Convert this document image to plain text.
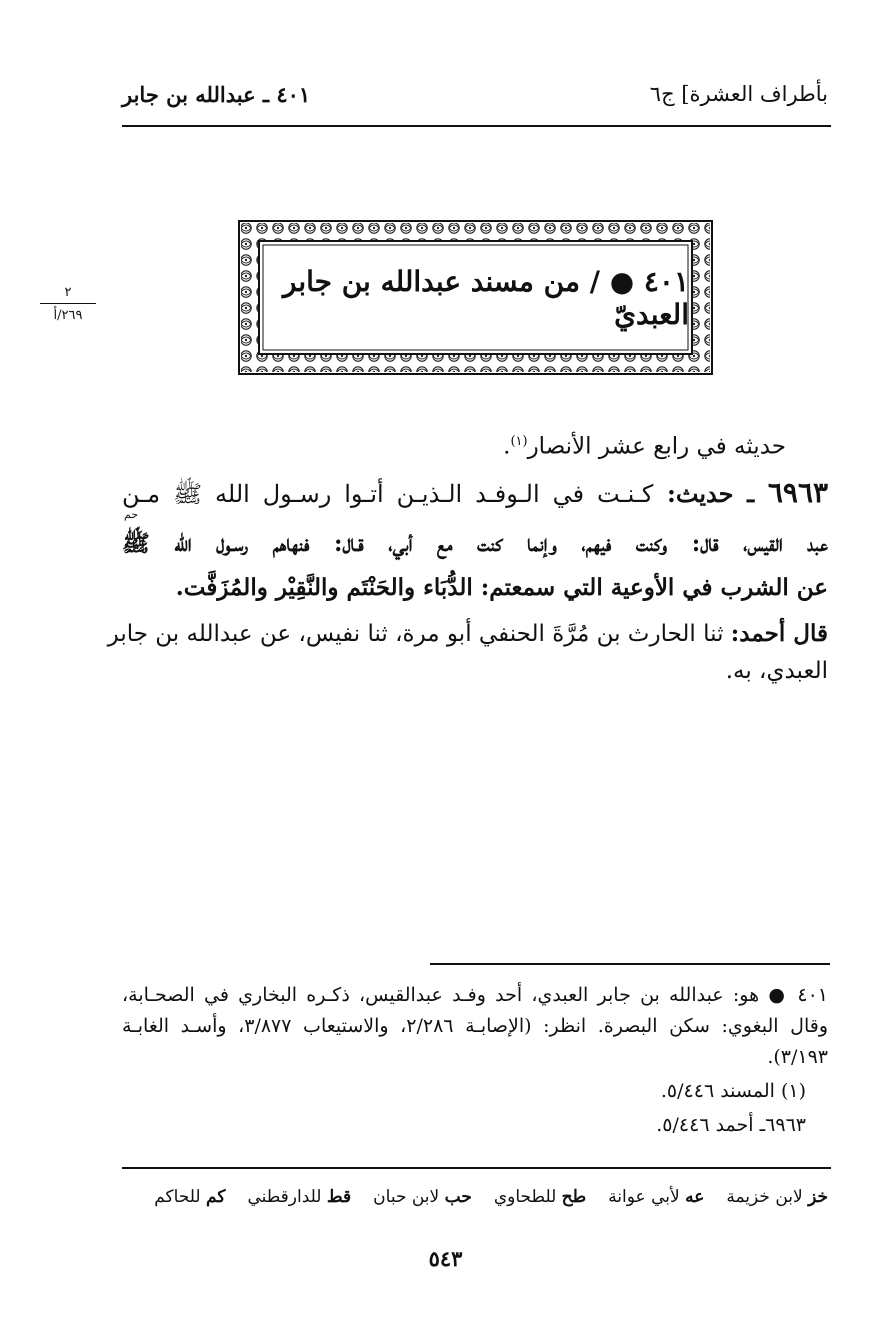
بأطراف العشرة] ج٦
٤٠١ ـ عبدالله بن جابر
٢
٢٦٩/أ
٤٠١ ● / من مسند عبدالله بن جابر العبديّ
حديثه في رابع عشر الأنصار$^{(١)}$.
٦٩٦٣ ـ حديث: كـنـت في الـوفـد الـذيـن أتـوا رسـول الله ﷺ مـن
حم
عبد القيس، قال: وكنت فيهم، وإنما كنت مع أبي، قـال: فنهاهم رسـول الله ﷺ
عن الشرب في الأوعية التي سمعتم: الدُّبَاء والحَنْتَم والنَّقِيْر والمُزَفَّت.
قال أحمد: ثنا الحارث بن مُرَّةَ الحنفي أبو مرة، ثنا نفيس، عن عبدالله بن جابر
العبدي، به.
٤٠١ ● هو: عبدالله بن جابر العبدي، أحد وفـد عبدالقيس، ذكـره البخاري في الصحـابة،
وقال البغوي: سكن البصرة. انظر: (الإصابـة ٢/٢٨٦، والاستيعاب ٣/٨٧٧، وأسـد الغابـة
٣/١٩٣).
(١) المسند ٥/٤٤٦.
٦٩٦٣ـ أحمد ٥/٤٤٦.
خز لابن خزيمة
عه لأبي عوانة
طح للطحاوي
حب لابن حبان
قط للدارقطني
كم للحاكم
٥٤٣
